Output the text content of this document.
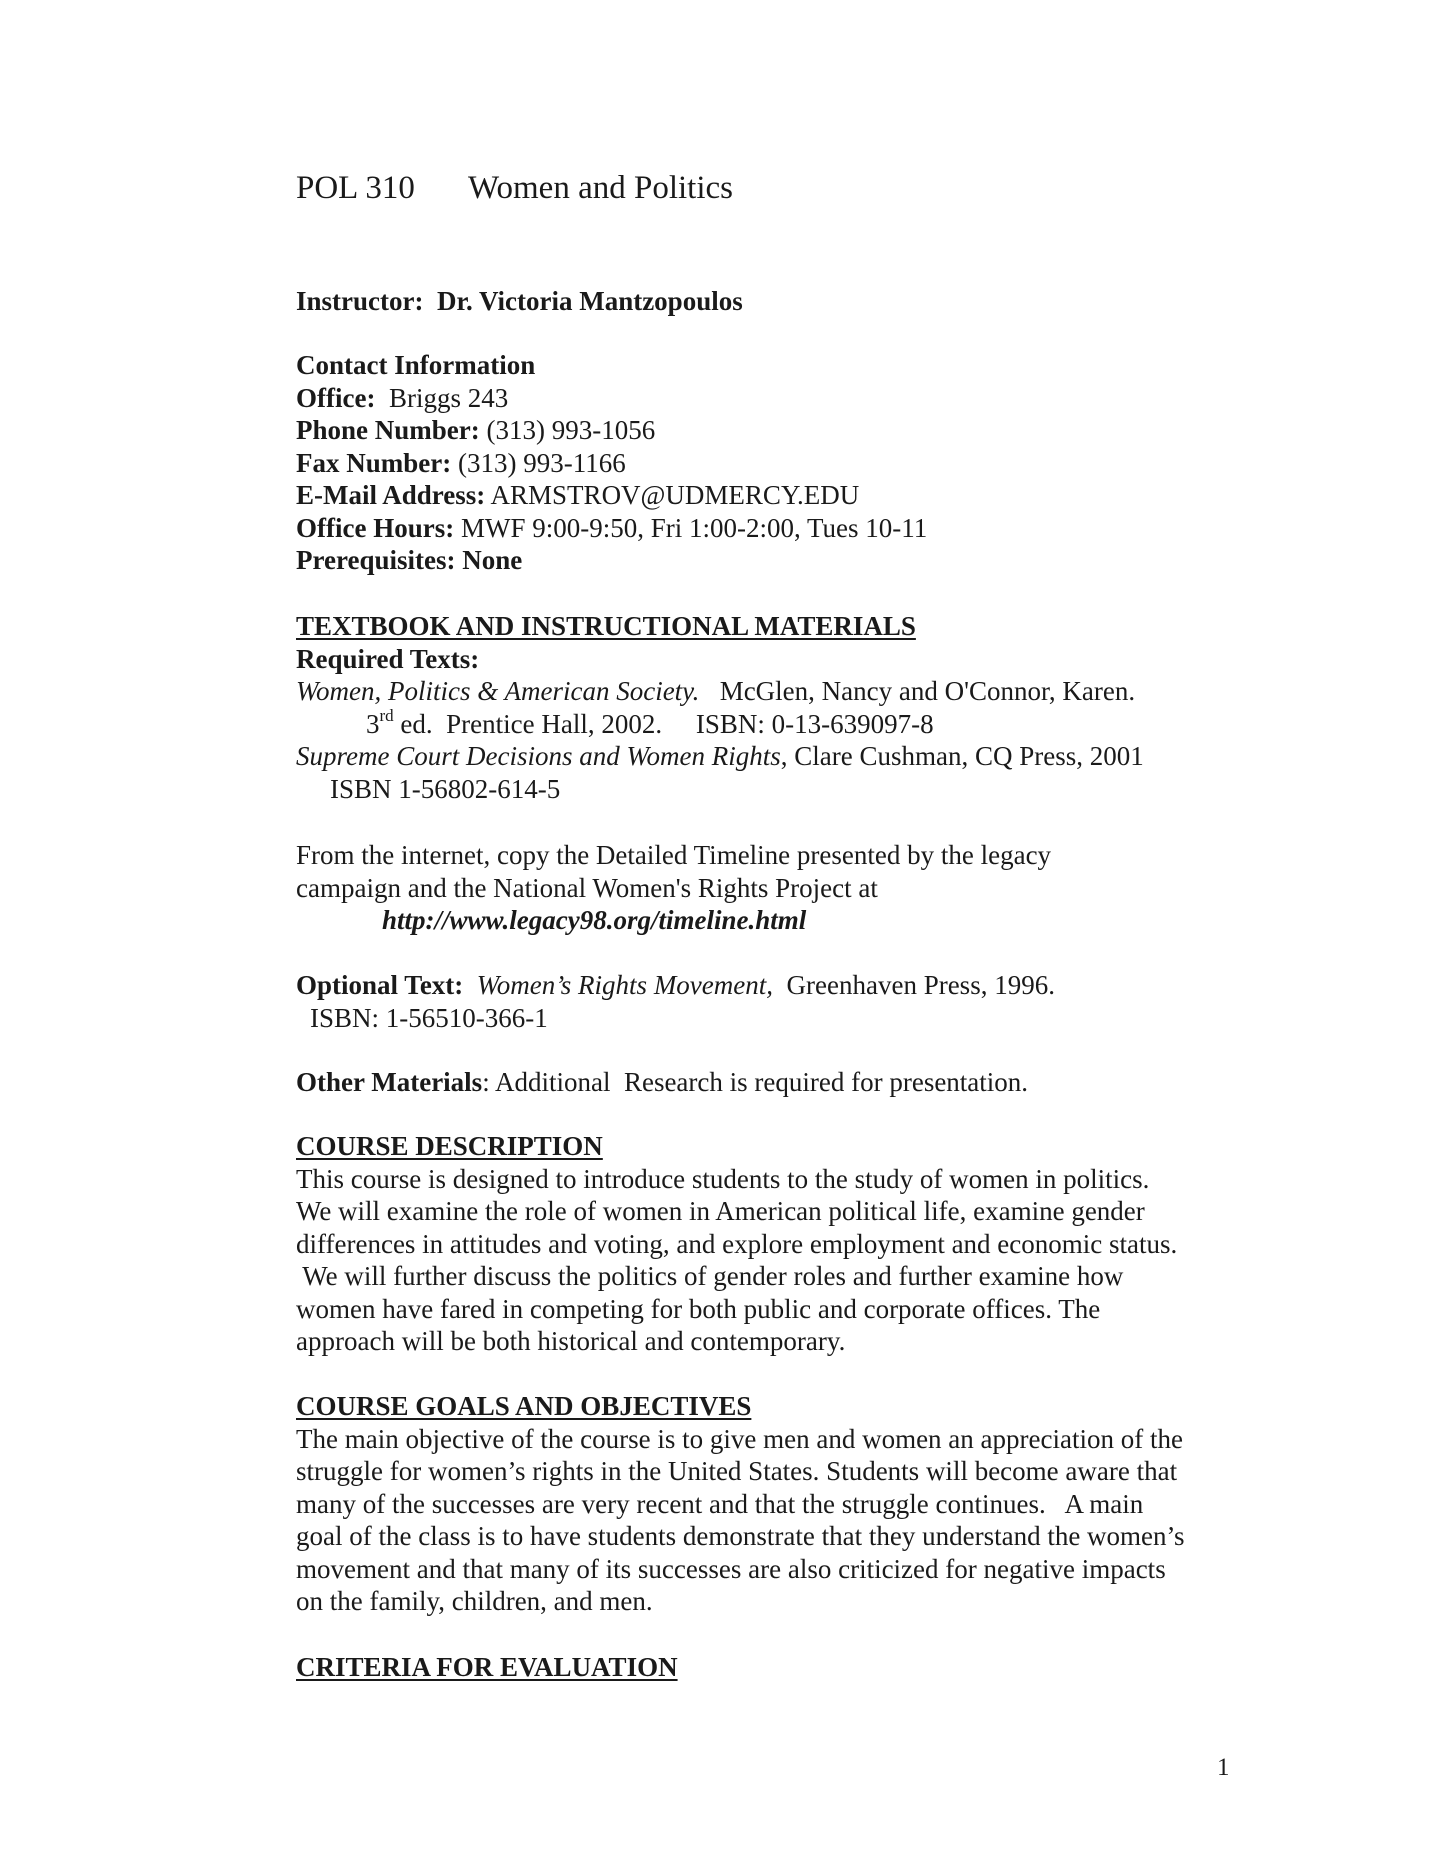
POL 310 Women and Politics
Instructor: Dr. Victoria Mantzopoulos
Contact Information
Office: Briggs 243
Phone Number: (313) 993-1056
Fax Number: (313) 993-1166
E-Mail Address: ARMSTROV@UDMERCY.EDU
Office Hours: MWF 9:00-9:50, Fri 1:00-2:00, Tues 10-11
Prerequisites: None
TEXTBOOK AND INSTRUCTIONAL MATERIALS
Required Texts:
Women, Politics & American Society. McGlen, Nancy and O'Connor, Karen.
3rd ed.  Prentice Hall, 2002.     ISBN: 0-13-639097-8
Supreme Court Decisions and Women Rights, Clare Cushman, CQ Press, 2001
ISBN 1-56802-614-5
From the internet, copy the Detailed Timeline presented by the legacy
campaign and the National Women's Rights Project at
http://www.legacy98.org/timeline.html
Optional Text: Women’s Rights Movement, Greenhaven Press, 1996.
ISBN: 1-56510-366-1
Other Materials: Additional  Research is required for presentation.
COURSE DESCRIPTION
This course is designed to introduce students to the study of women in politics.
We will examine the role of women in American political life, examine gender
differences in attitudes and voting, and explore employment and economic status.
We will further discuss the politics of gender roles and further examine how
women have fared in competing for both public and corporate offices. The
approach will be both historical and contemporary.
COURSE GOALS AND OBJECTIVES
The main objective of the course is to give men and women an appreciation of the
struggle for women’s rights in the United States. Students will become aware that
many of the successes are very recent and that the struggle continues.   A main
goal of the class is to have students demonstrate that they understand the women’s
movement and that many of its successes are also criticized for negative impacts
on the family, children, and men.
CRITERIA FOR EVALUATION
1
